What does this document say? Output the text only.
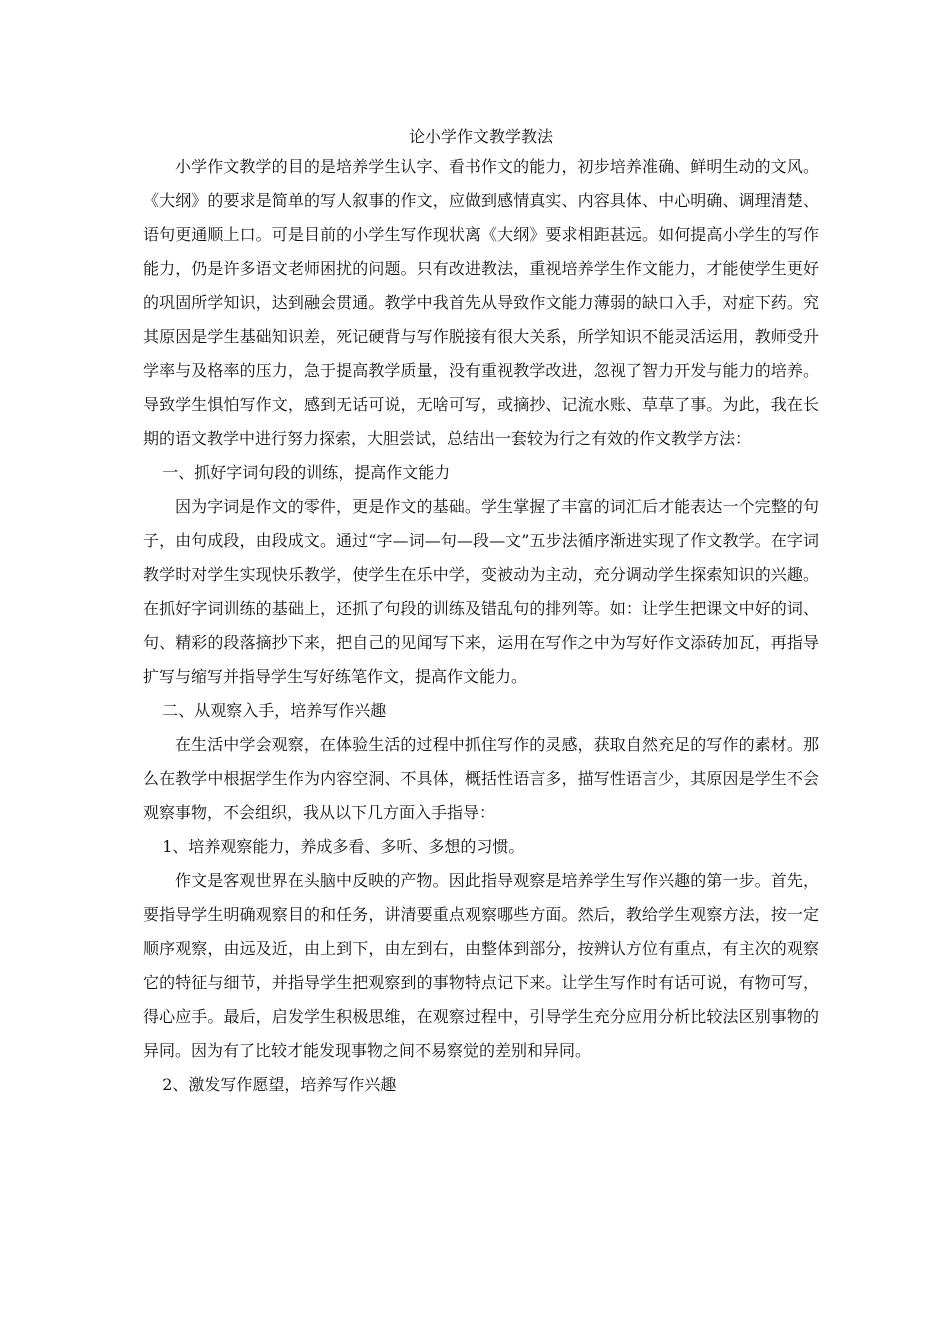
论小学作文教学教法

小学作文教学的目的是培养学生认字、看书作文的能力，初步培养准确、鲜明生动的文风。《大纲》的要求是简单的写人叙事的作文，应做到感情真实、内容具体、中心明确、调理清楚、语句更通顺上口。可是目前的小学生写作现状离《大纲》要求相距甚远。如何提高小学生的写作能力，仍是许多语文老师困扰的问题。只有改进教法，重视培养学生作文能力，才能使学生更好的巩固所学知识，达到融会贯通。教学中我首先从导致作文能力薄弱的缺口入手，对症下药。究其原因是学生基础知识差，死记硬背与写作脱接有很大关系，所学知识不能灵活运用，教师受升学率与及格率的压力，急于提高教学质量，没有重视教学改进，忽视了智力开发与能力的培养。导致学生惧怕写作文，感到无话可说，无啥可写，或摘抄、记流水账、草草了事。为此，我在长期的语文教学中进行努力探索，大胆尝试，总结出一套较为行之有效的作文教学方法：

一、抓好字词句段的训练，提高作文能力

因为字词是作文的零件，更是作文的基础。学生掌握了丰富的词汇后才能表达一个完整的句子，由句成段，由段成文。通过“字—词—句—段—文”五步法循序渐进实现了作文教学。在字词教学时对学生实现快乐教学，使学生在乐中学，变被动为主动，充分调动学生探索知识的兴趣。在抓好字词训练的基础上，还抓了句段的训练及错乱句的排列等。如：让学生把课文中好的词、句、精彩的段落摘抄下来，把自己的见闻写下来，运用在写作之中为写好作文添砖加瓦，再指导扩写与缩写并指导学生写好练笔作文，提高作文能力。

二、从观察入手，培养写作兴趣

在生活中学会观察，在体验生活的过程中抓住写作的灵感，获取自然充足的写作的素材。那么在教学中根据学生作为内容空洞、不具体，概括性语言多，描写性语言少，其原因是学生不会观察事物，不会组织，我从以下几方面入手指导：

1、培养观察能力，养成多看、多听、多想的习惯。

作文是客观世界在头脑中反映的产物。因此指导观察是培养学生写作兴趣的第一步。首先，要指导学生明确观察目的和任务，讲清要重点观察哪些方面。然后，教给学生观察方法，按一定顺序观察，由远及近，由上到下，由左到右，由整体到部分，按辨认方位有重点，有主次的观察它的特征与细节，并指导学生把观察到的事物特点记下来。让学生写作时有话可说，有物可写，得心应手。最后，启发学生积极思维，在观察过程中，引导学生充分应用分析比较法区别事物的异同。因为有了比较才能发现事物之间不易察觉的差别和异同。

2、激发写作愿望，培养写作兴趣
